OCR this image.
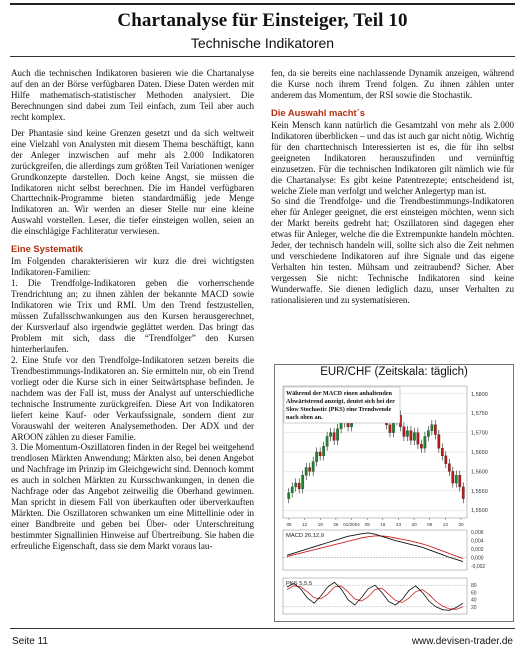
Chartanalyse für Einsteiger, Teil 10
Technische Indikatoren

Auch die technischen Indikatoren basieren wie die Chartanalyse auf den an der Börse verfügbaren Daten. Diese Daten werden mit Hilfe mathematisch-statistischer Methoden analysiert. Die Berechnungen sind dabei zum Teil einfach, zum Teil aber auch recht komplex.

Der Phantasie sind keine Grenzen gesetzt und da sich weltweit eine Vielzahl von Analysten mit diesem Thema beschäftigt, kann der Anleger inzwischen auf mehr als 2.000 Indikatoren zurückgreifen, die allerdings zum größten Teil Variationen weniger Grundkonzepte darstellen. Doch keine Angst, sie müssen die Indikatoren nicht selbst berechnen. Die im Handel verfügbaren Charttechnik-Programme bieten standardmäßig jede Menge Indikatoren an. Wir werden an dieser Stelle nur eine kleine Auswahl vorstellen. Leser, die tiefer einsteigen wollen, seien an die einschlägige Fachliteratur verwiesen.

Eine Systematik

Im Folgenden charakterisieren wir kurz die drei wichtigsten Indikatoren-Familien:

1. Die Trendfolge-Indikatoren geben die vorherrschende Trendrichtung an; zu ihnen zählen der bekannte MACD sowie Indikatoren wie Trix und RMI. Um den Trend festzustellen, müssen Zufallsschwankungen aus den Kursen herausgerechnet, der Kursverlauf also irgendwie geglättet werden. Das bringt das Problem mit sich, dass die “Trendfolger” den Kursen hinterherlaufen.

2. Eine Stufe vor den Trendfolge-Indikatoren setzen bereits die Trendbestimmungs-Indikatoren an. Sie ermitteln nur, ob ein Trend vorliegt oder die Kurse sich in einer Seitwärtsphase befinden. Je nachdem was der Fall ist, muss der Analyst auf unterschiedliche technische Instrumente zurückgreifen. Diese Art von Indikatoren liefert keine Kauf- oder Verkaufssignale, sondern dient zur Vorauswahl der weiteren Analysemethoden. Der ADX und der AROON zählen zu dieser Familie.

3. Die Momentum-Oszillatoren finden in der Regel bei weitgehend trendlosen Märkten Anwendung; Märkten also, bei denen Angebot und Nachfrage im Prinzip im Gleichgewicht sind. Dennoch kommt es auch in solchen Märkten zu Kursschwankungen, in denen die Nachfrage oder das Angebot zeitweilig die Oberhand gewinnen. Man spricht in diesem Fall von überkauften oder überverkauften Märkten. Die Oszillatoren schwanken um eine Mittellinie oder in einer Bandbreite und geben bei Über- oder Unterschreitung bestimmter Signallinien Hinweise auf Übertreibung. Sie haben die erfreuliche Eigenschaft, dass sie dem Markt voraus lau-

fen, da sie bereits eine nachlassende Dynamik anzeigen, während die Kurse noch ihrem Trend folgen. Zu ihnen zählen unter anderem das Momentum, der RSI sowie die Stochastik.

Die Auswahl macht´s

Kein Mensch kann natürlich die Gesamtzahl von mehr als 2.000 Indikatoren überblicken – und das ist auch gar nicht nötig. Wichtig für den charttechnisch Interessierten ist es, die für ihn selbst geeigneten Indikatoren herauszufinden und vernünftig einzusetzen. Für die technischen Indikatoren gilt nämlich wie für die Chartanalyse: Es gibt keine Patentrezepte; entscheidend ist, welche Ziele man verfolgt und welcher Anlegertyp man ist.

So sind die Trendfolge- und die Trendbestimmungs-Indikatoren eher für Anleger geeignet, die erst einsteigen möchten, wenn sich der Markt bereits gedreht hat; Oszillatoren sind dagegen eher etwas für Anleger, welche die die Extrempunkte handeln möchten. Jeder, der technisch handeln will, sollte sich also die Zeit nehmen und verschiedene Indikatoren auf ihre Signale und das eigene Verhalten hin testen. Mühsam und zeitraubend? Sicher. Aber vergessen Sie nicht: Technische Indikatoren sind keine Wunderwaffe. Sie dienen lediglich dazu, unser Verhalten zu rationalisieren und zu systematisieren.

EUR/CHF (Zeitskala: täglich)
1,5800
1,5750
1,5700
1,5650
1,5600
1,5550
1,5500
Während der MACD einen anhaltenden
Abwärtstrend anzeigt, deutet sich bei der
Slow Stochastic (PKS) eine Trendwende
nach oben an.
05 12 19 26 01/2004 09 16 23 30 06 13 20
MACD 26,12,9	0,006
0,004
0,002
0,000
-0,002
PKS 5,5,5	80
60
40
20
Seite 11	www.devisen-trader.de
